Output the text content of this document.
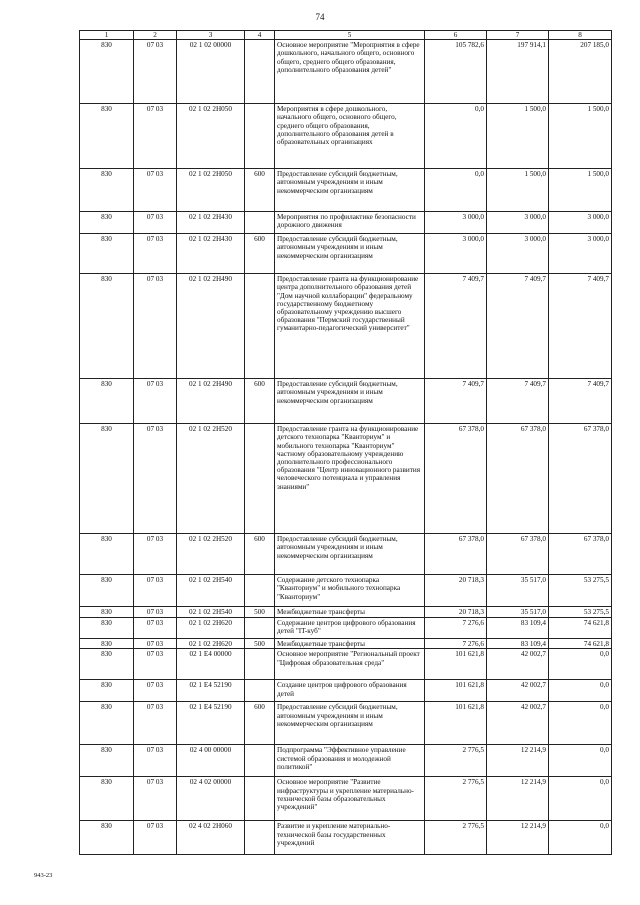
74
1	2	3	4	5	6	7	8
830	07 03	02 1 02 00000		Основное мероприятие "Мероприятия в сфере дошкольного, начального общего, основного общего, среднего общего образования, дополнительного образования детей"	105 782,6	197 914,1	207 185,0
830	07 03	02 1 02 2Н050		Мероприятия в сфере дошкольного, начального общего, основного общего, среднего общего образования, дополнительного образования детей в образовательных организациях	0,0	1 500,0	1 500,0
830	07 03	02 1 02 2Н050	600	Предоставление субсидий бюджетным, автономным учреждениям и иным некоммерческим организациям	0,0	1 500,0	1 500,0
830	07 03	02 1 02 2Н430		Мероприятия по профилактике безопасности дорожного движения	3 000,0	3 000,0	3 000,0
830	07 03	02 1 02 2Н430	600	Предоставление субсидий бюджетным, автономным учреждениям и иным некоммерческим организациям	3 000,0	3 000,0	3 000,0
830	07 03	02 1 02 2Н490		Предоставление гранта на функционирование центра дополнительного образования детей "Дом научной коллаборации" федеральному государственному бюджетному образовательному учреждению высшего образования "Пермский государственный гуманитарно-педагогический университет"	7 409,7	7 409,7	7 409,7
830	07 03	02 1 02 2Н490	600	Предоставление субсидий бюджетным, автономным учреждениям и иным некоммерческим организациям	7 409,7	7 409,7	7 409,7
830	07 03	02 1 02 2Н520		Предоставление гранта на функционирование детского технопарка "Кванториум" и мобильного технопарка "Кванториум" частному образовательному учреждению дополнительного профессионального образования "Центр инновационного развития человеческого потенциала и управления знаниями"	67 378,0	67 378,0	67 378,0
830	07 03	02 1 02 2Н520	600	Предоставление субсидий бюджетным, автономным учреждениям и иным некоммерческим организациям	67 378,0	67 378,0	67 378,0
830	07 03	02 1 02 2Н540		Содержание детского технопарка "Кванториум" и мобильного технопарка "Кванториум"	20 718,3	35 517,0	53 275,5
830	07 03	02 1 02 2Н540	500	Межбюджетные трансферты	20 718,3	35 517,0	53 275,5
830	07 03	02 1 02 2Н620		Содержание центров цифрового образования детей "IT-куб"	7 276,6	83 109,4	74 621,8
830	07 03	02 1 02 2Н620	500	Межбюджетные трансферты	7 276,6	83 109,4	74 621,8
830	07 03	02 1 Е4 00000		Основное мероприятие "Региональный проект "Цифровая образовательная среда"	101 621,8	42 002,7	0,0
830	07 03	02 1 Е4 52190		Создание центров цифрового образования детей	101 621,8	42 002,7	0,0
830	07 03	02 1 Е4 52190	600	Предоставление субсидий бюджетным, автономным учреждениям и иным некоммерческим организациям	101 621,8	42 002,7	0,0
830	07 03	02 4 00 00000		Подпрограмма "Эффективное управление системой образования и молодежной политикой"	2 776,5	12 214,9	0,0
830	07 03	02 4 02 00000		Основное мероприятие "Развитие инфраструктуры и укрепление материально-технической базы образовательных учреждений"	2 776,5	12 214,9	0,0
830	07 03	02 4 02 2Н060		Развитие и укрепление материально-технической базы государственных учреждений	2 776,5	12 214,9	0,0
943-23
